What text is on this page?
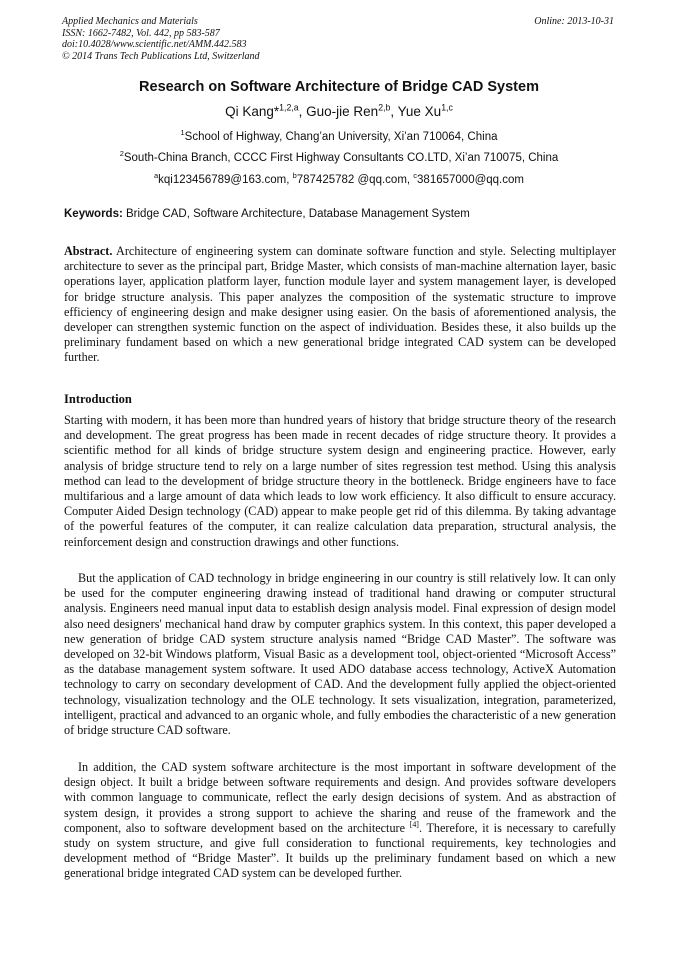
Applied Mechanics and Materials
ISSN: 1662-7482, Vol. 442, pp 583-587
doi:10.4028/www.scientific.net/AMM.442.583
© 2014 Trans Tech Publications Ltd, Switzerland
Online: 2013-10-31
Research on Software Architecture of Bridge CAD System
Qi Kang*$^{1,2,a}$, Guo-jie Ren$^{2,b}$, Yue Xu$^{1,c}$
$^1$School of Highway, Chang’an University, Xi’an 710064, China
$^2$South-China Branch, CCCC First Highway Consultants CO.LTD, Xi’an 710075, China
$^a$kqi123456789@163.com, $^b$787425782 @qq.com, $^c$381657000@qq.com
Keywords: Bridge CAD, Software Architecture, Database Management System
Abstract. Architecture of engineering system can dominate software function and style. Selecting multiplayer architecture to sever as the principal part, Bridge Master, which consists of man-machine alternation layer, basic operations layer, application platform layer, function module layer and system management layer, is developed for bridge structure analysis. This paper analyzes the composition of the systematic structure to improve efficiency of engineering design and make designer using easier. On the basis of aforementioned analysis, the developer can strengthen systemic function on the aspect of individuation. Besides these, it also builds up the preliminary fundament based on which a new generational bridge integrated CAD system can be developed further.
Introduction
Starting with modern, it has been more than hundred years of history that bridge structure theory of the research and development. The great progress has been made in recent decades of ridge structure theory. It provides a scientific method for all kinds of bridge structure system design and engineering practice. However, early analysis of bridge structure tend to rely on a large number of sites regression test method. Using this analysis method can lead to the development of bridge structure theory in the bottleneck. Bridge engineers have to face multifarious and a large amount of data which leads to low work efficiency. It also difficult to ensure accuracy. Computer Aided Design technology (CAD) appear to make people get rid of this dilemma. By taking advantage of the powerful features of the computer, it can realize calculation data preparation, structural analysis, the reinforcement design and construction drawings and other functions.
But the application of CAD technology in bridge engineering in our country is still relatively low. It can only be used for the computer engineering drawing instead of traditional hand drawing or computer structural analysis. Engineers need manual input data to establish design analysis model. Final expression of design model also need designers' mechanical hand draw by computer graphics system. In this context, this paper developed a new generation of bridge CAD system structure analysis named “Bridge CAD Master”. The software was developed on 32-bit Windows platform, Visual Basic as a development tool, object-oriented “Microsoft Access” as the database management system software. It used ADO database access technology, ActiveX Automation technology to carry on secondary development of CAD. And the development fully applied the object-oriented technology, visualization technology and the OLE technology. It sets visualization, integration, parameterized, intelligent, practical and advanced to an organic whole, and fully embodies the characteristic of a new generation of bridge structure CAD software.
In addition, the CAD system software architecture is the most important in software development of the design object. It built a bridge between software requirements and design. And provides software developers with common language to communicate, reflect the early design decisions of system. And as abstraction of system design, it provides a strong support to achieve the sharing and reuse of the framework and the component, also to software development based on the architecture [4]. Therefore, it is necessary to carefully study on system structure, and give full consideration to functional requirements, key technologies and development method of “Bridge Master”. It builds up the preliminary fundament based on which a new generational bridge integrated CAD system can be developed further.
